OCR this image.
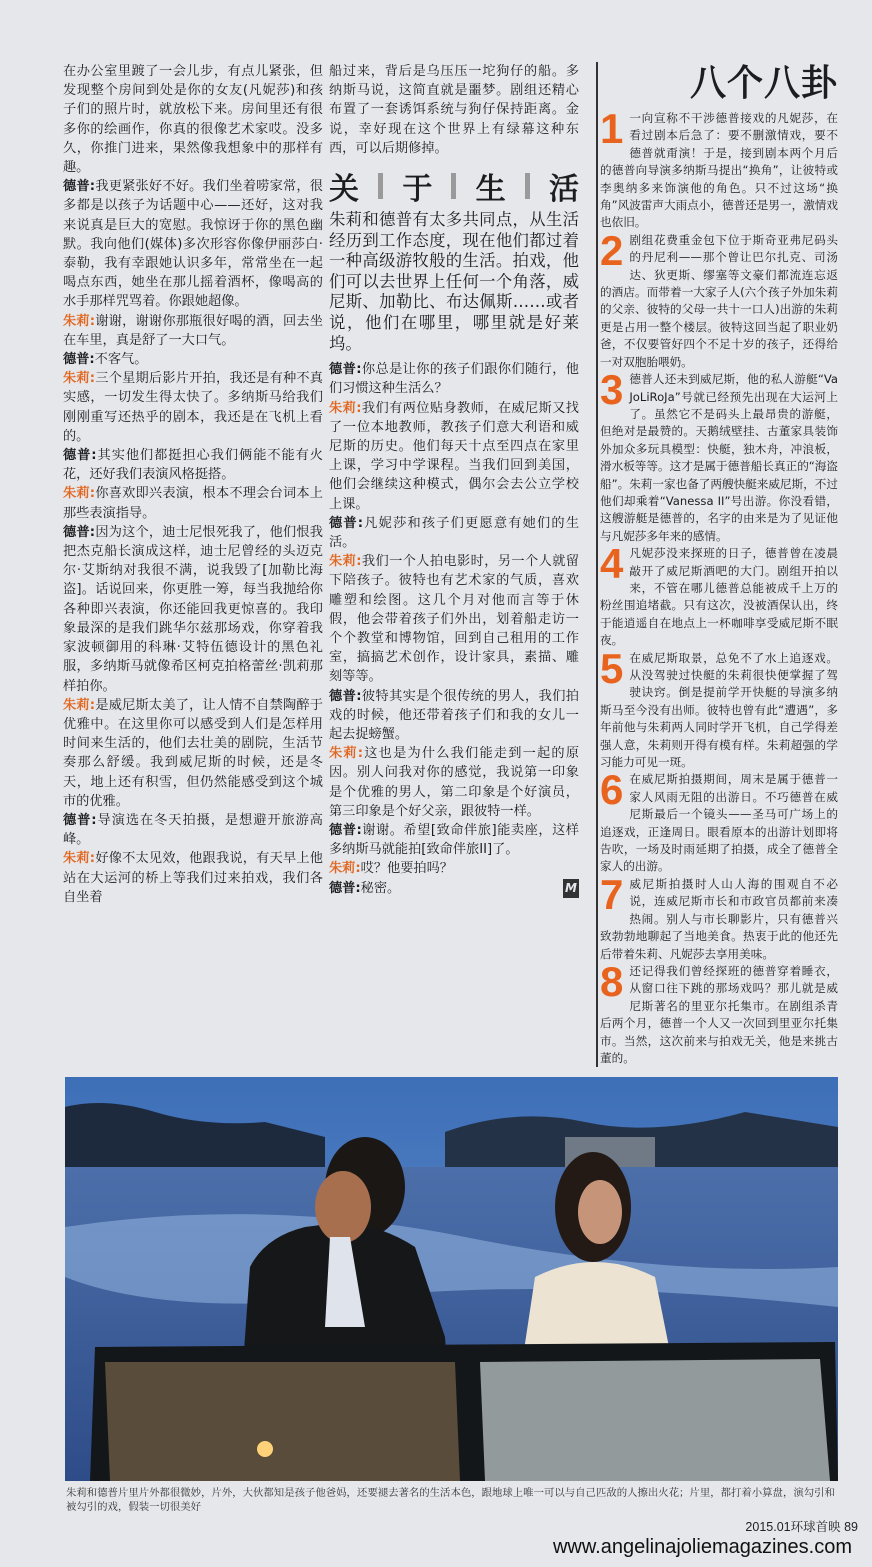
在办公室里踱了一会儿步，有点儿紧张，但发现整个房间到处是你的女友(凡妮莎)和孩子们的照片时，就放松下来。房间里还有很多你的绘画作，你真的很像艺术家哎。没多久，你推门进来，果然像我想象中的那样有趣。

德普:我更紧张好不好。我们坐着唠家常，很多都是以孩子为话题中心——还好，这对我来说真是巨大的宽慰。我惊讶于你的黑色幽默。我向他们(媒体)多次形容你像伊丽莎白·泰勒，我有幸跟她认识多年，常常坐在一起喝点东西，她坐在那儿摇着酒杯，像喝高的水手那样咒骂着。你跟她超像。

朱莉:谢谢，谢谢你那瓶很好喝的酒，回去坐在车里，真是舒了一大口气。

德普:不客气。

朱莉:三个星期后影片开拍，我还是有种不真实感，一切发生得太快了。多纳斯马给我们刚刚重写还热乎的剧本，我还是在飞机上看的。

德普:其实他们都挺担心我们俩能不能有火花，还好我们表演风格挺搭。

朱莉:你喜欢即兴表演，根本不理会台词本上那些表演指导。

德普:因为这个，迪士尼恨死我了，他们恨我把杰克船长演成这样，迪士尼曾经的头迈克尔·艾斯纳对我很不满，说我毁了[加勒比海盗]。话说回来，你更胜一筹，每当我抛给你各种即兴表演，你还能回我更惊喜的。我印象最深的是我们跳华尔兹那场戏，你穿着我家波顿御用的科琳·艾特伍德设计的黑色礼服，多纳斯马就像希区柯克拍格蕾丝·凯莉那样拍你。

朱莉:是威尼斯太美了，让人情不自禁陶醉于优雅中。在这里你可以感受到人们是怎样用时间来生活的，他们去壮美的剧院，生活节奏那么舒缓。我到威尼斯的时候，还是冬天，地上还有积雪，但仍然能感受到这个城市的优雅。

德普:导演选在冬天拍摄，是想避开旅游高峰。

朱莉:好像不太见效，他跟我说，有天早上他站在大运河的桥上等我们过来拍戏，我们各自坐着

船过来，背后是乌压压一坨狗仔的船。多纳斯马说，这简直就是噩梦。剧组还精心布置了一套诱饵系统与狗仔保持距离。金说，幸好现在这个世界上有绿幕这种东西，可以后期修掉。

关 于 生 活

朱莉和德普有太多共同点，从生活经历到工作态度，现在他们都过着一种高级游牧般的生活。拍戏，他们可以去世界上任何一个角落，威尼斯、加勒比、布达佩斯……或者说，他们在哪里，哪里就是好莱坞。

德普:你总是让你的孩子们跟你们随行，他们习惯这种生活么？

朱莉:我们有两位贴身教师，在威尼斯又找了一位本地教师，教孩子们意大利语和威尼斯的历史。他们每天十点至四点在家里上课，学习中学课程。当我们回到美国，他们会继续这种模式，偶尔会去公立学校上课。

德普:凡妮莎和孩子们更愿意有她们的生活。

朱莉:我们一个人拍电影时，另一个人就留下陪孩子。彼特也有艺术家的气质，喜欢雕塑和绘图。这几个月对他而言等于休假，他会带着孩子们外出，划着船走访一个个教堂和博物馆，回到自己租用的工作室，搞搞艺术创作，设计家具，素描、雕刻等等。

德普:彼特其实是个很传统的男人，我们拍戏的时候，他还带着孩子们和我的女儿一起去捉螃蟹。

朱莉:这也是为什么我们能走到一起的原因。别人问我对你的感觉，我说第一印象是个优雅的男人，第二印象是个好演员，第三印象是个好父亲，跟彼特一样。

德普:谢谢。希望[致命伴旅]能卖座，这样多纳斯马就能拍[致命伴旅II]了。

朱莉:哎？他要拍吗？

德普:秘密。	M

八个八卦

1 一向宣称不干涉德普接戏的凡妮莎，在看过剧本后急了：要不删激情戏，要不德普就甭演！于是，接到剧本两个月后的德普向导演多纳斯马提出“换角”，让彼特或李奥纳多来饰演他的角色。只不过这场“换角”风波雷声大雨点小，德普还是男一，激情戏也依旧。

2 剧组花费重金包下位于斯奇亚弗尼码头的丹尼利——那个曾让巴尔扎克、司汤达、狄更斯、缪塞等文豪们都流连忘返的酒店。而带着一大家子人(六个孩子外加朱莉的父亲、彼特的父母一共十一口人)出游的朱莉更是占用一整个楼层。彼特这回当起了职业奶爸，不仅要管好四个不足十岁的孩子，还得给一对双胞胎喂奶。

3 德普人还未到威尼斯，他的私人游艇“VaJoLiRoJa”号就已经预先出现在大运河上了。虽然它不是码头上最昂贵的游艇，但绝对是最赞的。天鹅绒壁挂、古董家具装饰外加众多玩具模型：快艇，独木舟，冲浪板，滑水板等等。这才是属于德普船长真正的“海盗船”。朱莉一家也备了两艘快艇来威尼斯，不过他们却乘着“Vanessa II”号出游。你没看错，这艘游艇是德普的，名字的由来是为了见证他与凡妮莎多年来的感情。

4 凡妮莎没来探班的日子，德普曾在凌晨敲开了威尼斯酒吧的大门。剧组开拍以来，不管在哪儿德普总能被成千上万的粉丝围追堵截。只有这次，没被酒保认出，终于能逍遥自在地点上一杯咖啡享受威尼斯不眠夜。

5 在威尼斯取景，总免不了水上追逐戏。从没驾驶过快艇的朱莉很快便掌握了驾驶诀窍。倒是提前学开快艇的导演多纳斯马至今没有出师。彼特也曾有此“遭遇”，多年前他与朱莉两人同时学开飞机，自己学得差强人意，朱莉则开得有模有样。朱莉超强的学习能力可见一斑。

6 在威尼斯拍摄期间，周末是属于德普一家人风雨无阻的出游日。不巧德普在威尼斯最后一个镜头——圣马可广场上的追逐戏，正逢周日。眼看原本的出游计划即将告吹，一场及时雨延期了拍摄，成全了德普全家人的出游。

7 威尼斯拍摄时人山人海的围观自不必说，连威尼斯市长和市政官员都前来凑热闹。别人与市长聊影片，只有德普兴致勃勃地聊起了当地美食。热衷于此的他还先后带着朱莉、凡妮莎去享用美味。

8 还记得我们曾经探班的德普穿着睡衣，从窗口往下跳的那场戏吗？那儿就是威尼斯著名的里亚尔托集市。在剧组杀青后两个月，德普一个人又一次回到里亚尔托集市。当然，这次前来与拍戏无关，他是来挑古董的。

朱莉和德普片里片外都很微妙，片外，大伙都知是孩子他爸妈，还要褪去著名的生活本色，跟地球上唯一可以与自己匹敌的人擦出火花；片里，都打着小算盘，演勾引和被勾引的戏，假装一切很美好
2015.01环球首映 89
www.angelinajoliemagazines.com
